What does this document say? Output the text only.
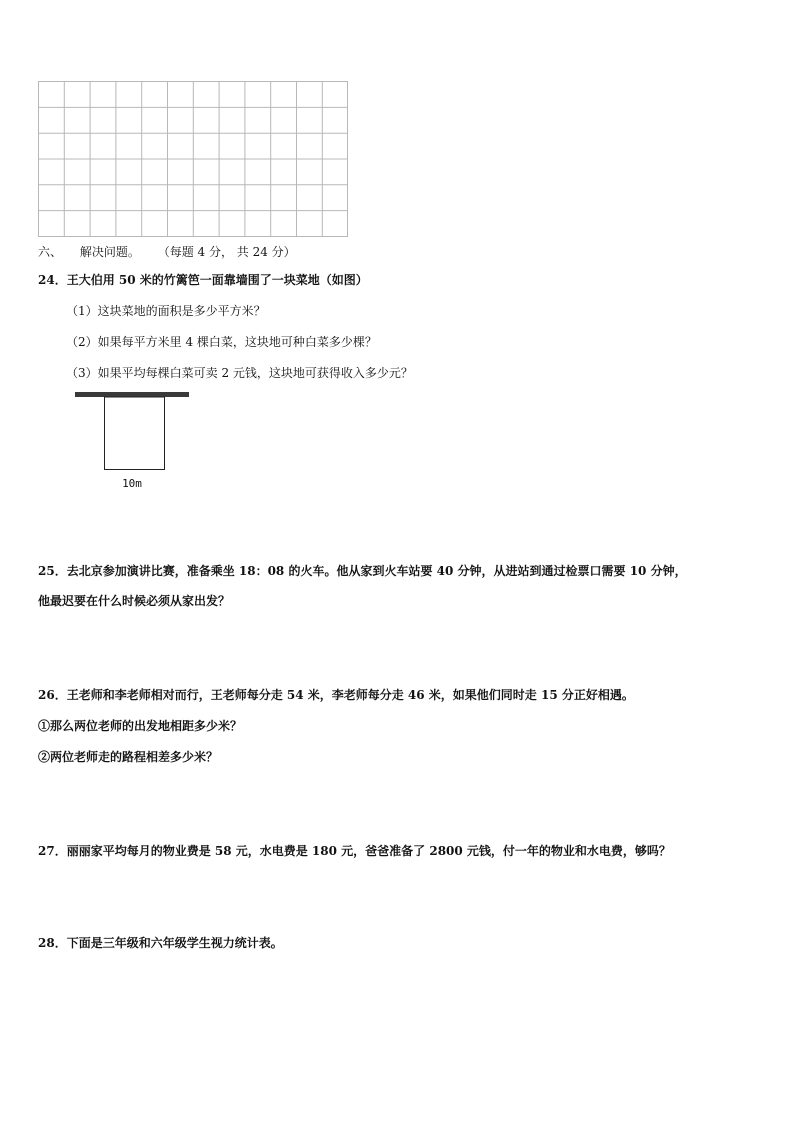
六、 解决问题。 （每题 4 分， 共 24 分）
24．王大伯用 50 米的竹篱笆一面靠墙围了一块菜地（如图）
（1）这块菜地的面积是多少平方米？
（2）如果每平方米里 4 棵白菜，这块地可种白菜多少棵？
（3）如果平均每棵白菜可卖 2 元钱，这块地可获得收入多少元？
10m
25．去北京参加演讲比赛，准备乘坐 18：08 的火车。他从家到火车站要 40 分钟，从进站到通过检票口需要 10 分钟，
他最迟要在什么时候必须从家出发？
26．王老师和李老师相对而行，王老师每分走 54 米，李老师每分走 46 米，如果他们同时走 15 分正好相遇。
①那么两位老师的出发地相距多少米？
②两位老师走的路程相差多少米？
27．丽丽家平均每月的物业费是 58 元，水电费是 180 元，爸爸准备了 2800 元钱，付一年的物业和水电费，够吗？
28．下面是三年级和六年级学生视力统计表。
